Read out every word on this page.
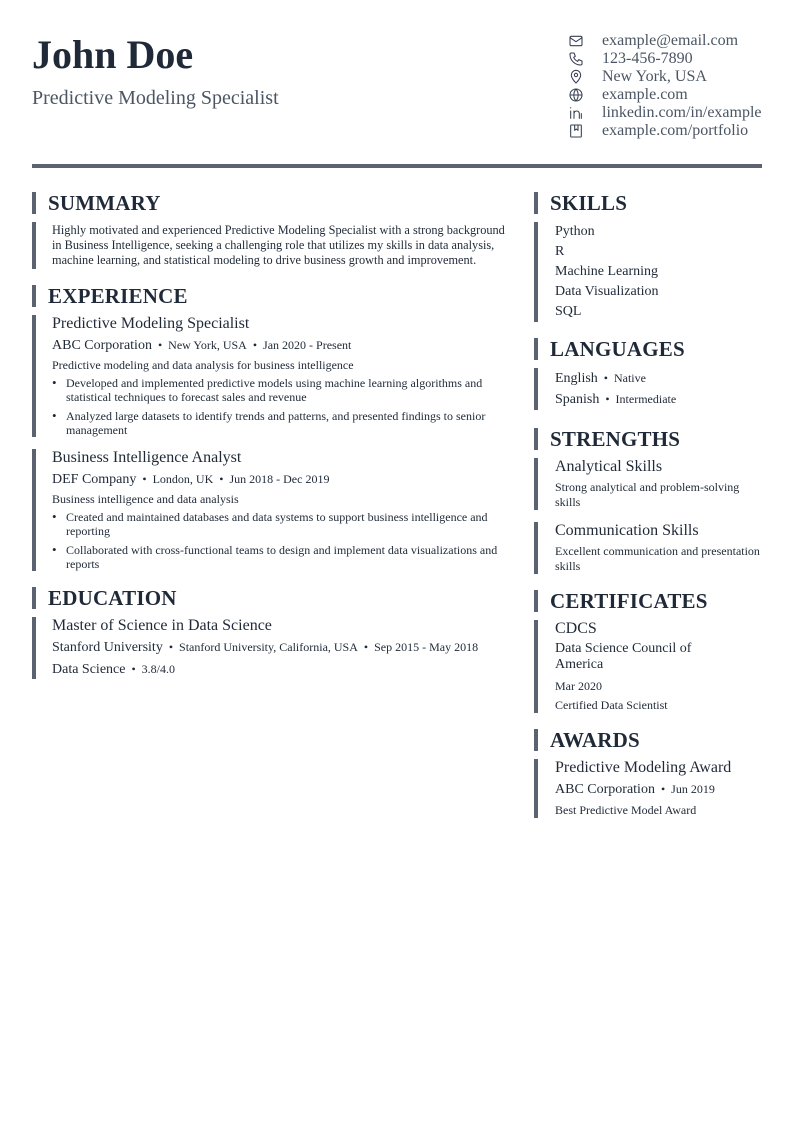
John Doe
Predictive Modeling Specialist
example@email.com
123-456-7890
New York, USA
example.com
linkedin.com/in/example
example.com/portfolio
SUMMARY
Highly motivated and experienced Predictive Modeling Specialist with a strong background in Business Intelligence, seeking a challenging role that utilizes my skills in data analysis, machine learning, and statistical modeling to drive business growth and improvement.
EXPERIENCE
Predictive Modeling Specialist
ABC Corporation • New York, USA • Jan 2020 - Present
Predictive modeling and data analysis for business intelligence
• Developed and implemented predictive models using machine learning algorithms and statistical techniques to forecast sales and revenue
• Analyzed large datasets to identify trends and patterns, and presented findings to senior management
Business Intelligence Analyst
DEF Company • London, UK • Jun 2018 - Dec 2019
Business intelligence and data analysis
• Created and maintained databases and data systems to support business intelligence and reporting
• Collaborated with cross-functional teams to design and implement data visualizations and reports
EDUCATION
Master of Science in Data Science
Stanford University • Stanford University, California, USA • Sep 2015 - May 2018
Data Science • 3.8/4.0
SKILLS
Python
R
Machine Learning
Data Visualization
SQL
LANGUAGES
English • Native
Spanish • Intermediate
STRENGTHS
Analytical Skills
Strong analytical and problem-solving skills
Communication Skills
Excellent communication and presentation skills
CERTIFICATES
CDCS
Data Science Council of America
Mar 2020
Certified Data Scientist
AWARDS
Predictive Modeling Award
ABC Corporation • Jun 2019
Best Predictive Model Award
